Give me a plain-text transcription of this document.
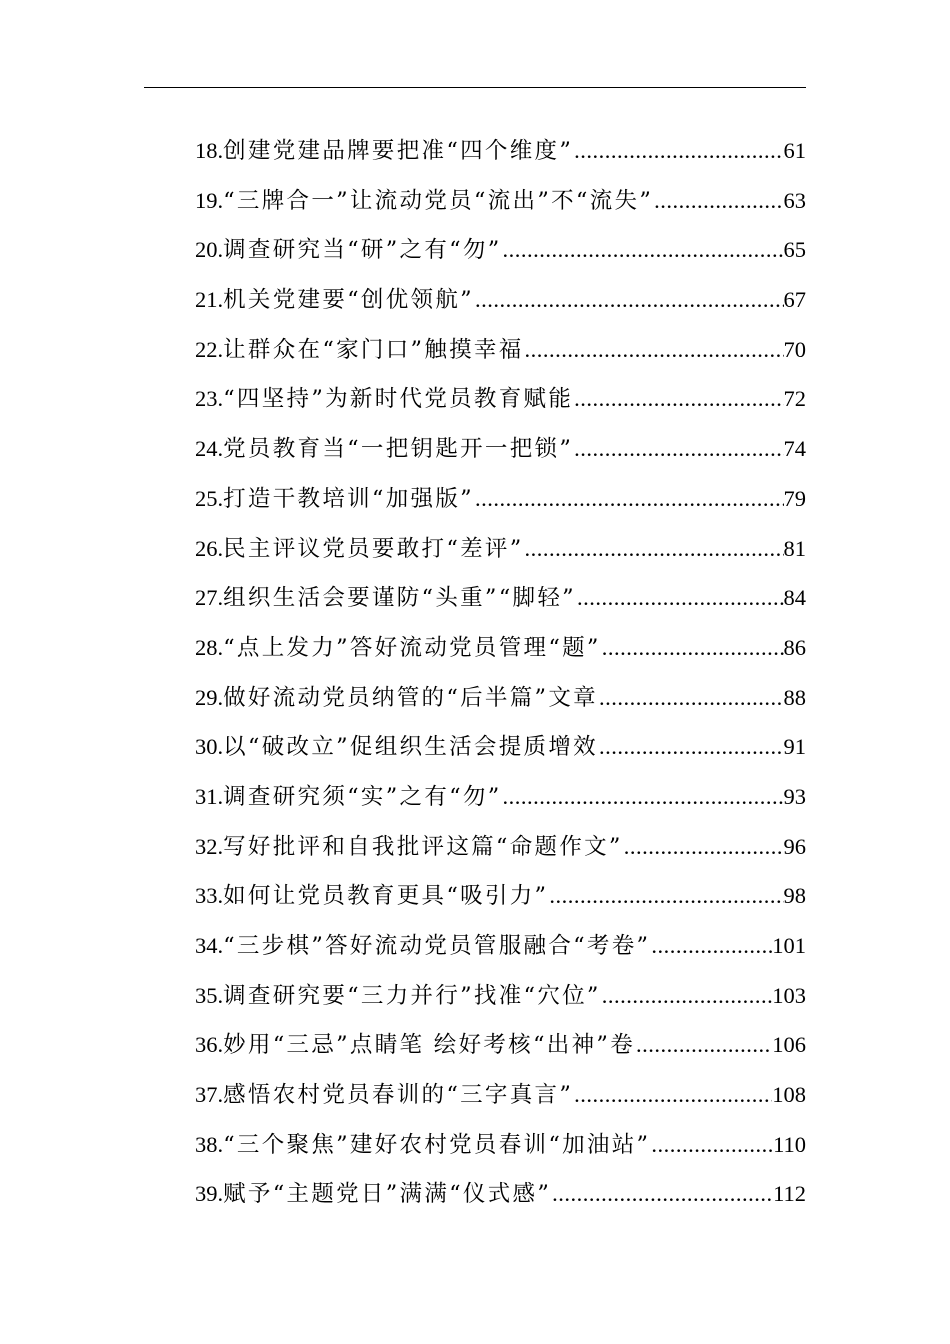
18. 创建党建品牌要把准“四个维度” .....	61
19. “三牌合一”让流动党员“流出”不“流失” .....	63
20. 调查研究当“研”之有“勿” .....	65
21. 机关党建要“创优领航” .....	67
22. 让群众在“家门口”触摸幸福 .....	70
23. “四坚持”为新时代党员教育赋能 .....	72
24. 党员教育当“一把钥匙开一把锁” .....	74
25. 打造干教培训“加强版” .....	79
26. 民主评议党员要敢打“差评” .....	81
27. 组织生活会要谨防“头重”“脚轻” .....	84
28. “点上发力”答好流动党员管理“题” .....	86
29. 做好流动党员纳管的“后半篇”文章 .....	88
30. 以“破改立”促组织生活会提质增效 .....	91
31. 调查研究须“实”之有“勿” .....	93
32. 写好批评和自我批评这篇“命题作文” .....	96
33. 如何让党员教育更具“吸引力” .....	98
34. “三步棋”答好流动党员管服融合“考卷” .....	101
35. 调查研究要“三力并行”找准“穴位” .....	103
36. 妙用“三忌”点睛笔 绘好考核“出神”卷 .....	106
37. 感悟农村党员春训的“三字真言” .....	108
38. “三个聚焦”建好农村党员春训“加油站” .....	110
39. 赋予“主题党日”满满“仪式感” .....	112
